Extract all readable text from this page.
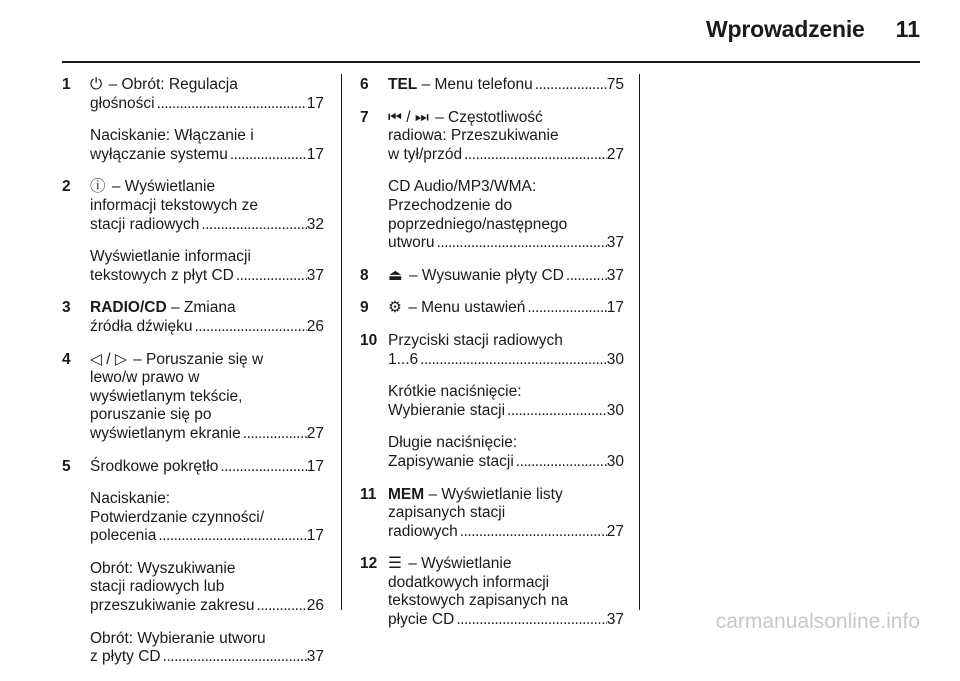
Wprowadzenie 11
1 ⏻ – Obrót: Regulacja
głośności . . .	17
Naciskanie: Włączanie i
wyłączanie systemu . . .	17
2 ⓘ – Wyświetlanie
informacji tekstowych ze
stacji radiowych . . .	32
Wyświetlanie informacji
tekstowych z płyt CD . . .	37
3 RADIO/CD – Zmiana
źródła dźwięku . . .	26
4 ◁ / ▷ – Poruszanie się w
lewo/w prawo w
wyświetlanym tekście,
poruszanie się po
wyświetlanym ekranie . . .	27
5 Środkowe pokrętło . . .	17
Naciskanie:
Potwierdzanie czynności/
polecenia . . .	17
Obrót: Wyszukiwanie
stacji radiowych lub
przeszukiwanie zakresu . . .	26
Obrót: Wybieranie utworu
z płyty CD . . .	37
6 TEL – Menu telefonu . . .	75
7 ⏮ / ⏭ – Częstotliwość
radiowa: Przeszukiwanie
w tył/przód . . .	27
CD Audio/MP3/WMA:
Przechodzenie do
poprzedniego/następnego
utworu . . .	37
8 ⏏ – Wysuwanie płyty CD . . .	37
9 ⚙ – Menu ustawień . . .	17
10 Przyciski stacji radiowych
1...6 . . .	30
Krótkie naciśnięcie:
Wybieranie stacji . . .	30
Długie naciśnięcie:
Zapisywanie stacji . . .	30
11 MEM – Wyświetlanie listy
zapisanych stacji
radiowych . . .	27
12 ☰ – Wyświetlanie
dodatkowych informacji
tekstowych zapisanych na
płycie CD . . .	37	carmanualsonline.info
